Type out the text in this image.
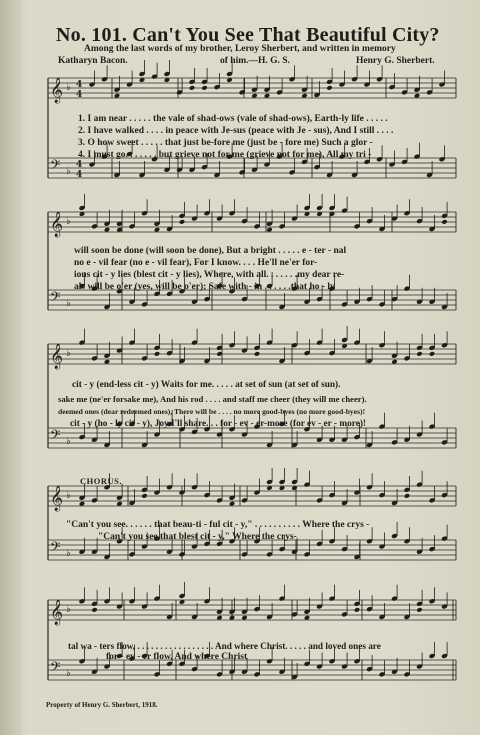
No. 101. Can't You See That Beautiful City?
Among the last words of my brother, Leroy Sherbert, and written in memory
Katharyn Bacon.	of him.—H. G. S.	Henry G. Sherbert.
𝄞 ♭ 4
4
𝄢 ♭
4
4
𝄞 ♭
𝄢 ♭
𝄞 ♭
𝄢 ♭
𝄞 ♭
𝄢 ♭
𝄞 ♭
𝄢 ♭
1. I am near . . . . . the vale of shad-ows (vale of shad-ows), Earth-ly life . . . . .
2. I have walked . . . . in peace with Je-sus (peace with Je - sus), And I still . . . .
3. O how sweet . . . . . that just be-fore me (just be - fore me) Such a glor -
4. I must go. . . . . . . but grieve not for me (grieve not for me), All my tri -
will soon be done (will soon be done), But a bright . . . . . e - ter - nal
no e - vil fear (no e - vil fear), For I know. . . . He'll ne'er for-
ious cit - y lies (blest cit - y lies), Where, with all. . . . . . .my dear re-
als will be o'er (yes, will be o'er); Safe with - in . . . . . .that ho - ly
cit - y (end-less cit - y) Waits for me. . . . . at set of sun (at set of sun).
sake me (ne'er forsake me), And his rod . . . . and staff me cheer (they will me cheer).
deemed ones (dear redeemed ones), There will be . . . . no more good-byes (no more good-byes)!
cit - y (ho - ly cit - y), Joy I'll share. . . for - ev - er-more (for ev - er - more)!
CHORUS.
"Can't you see. . . . . . that beau-ti - ful cit - y," . . . . . . . . . . Where the crys -
"Can't you see that blest cit - y," Where the crys-
tal wa - ters flow, . . . . . . . . . . . . . . . . . And where Christ. . . . . and loved ones are
for - ev - er flow, And where Christ
Property of Henry G. Sherbert, 1918.
